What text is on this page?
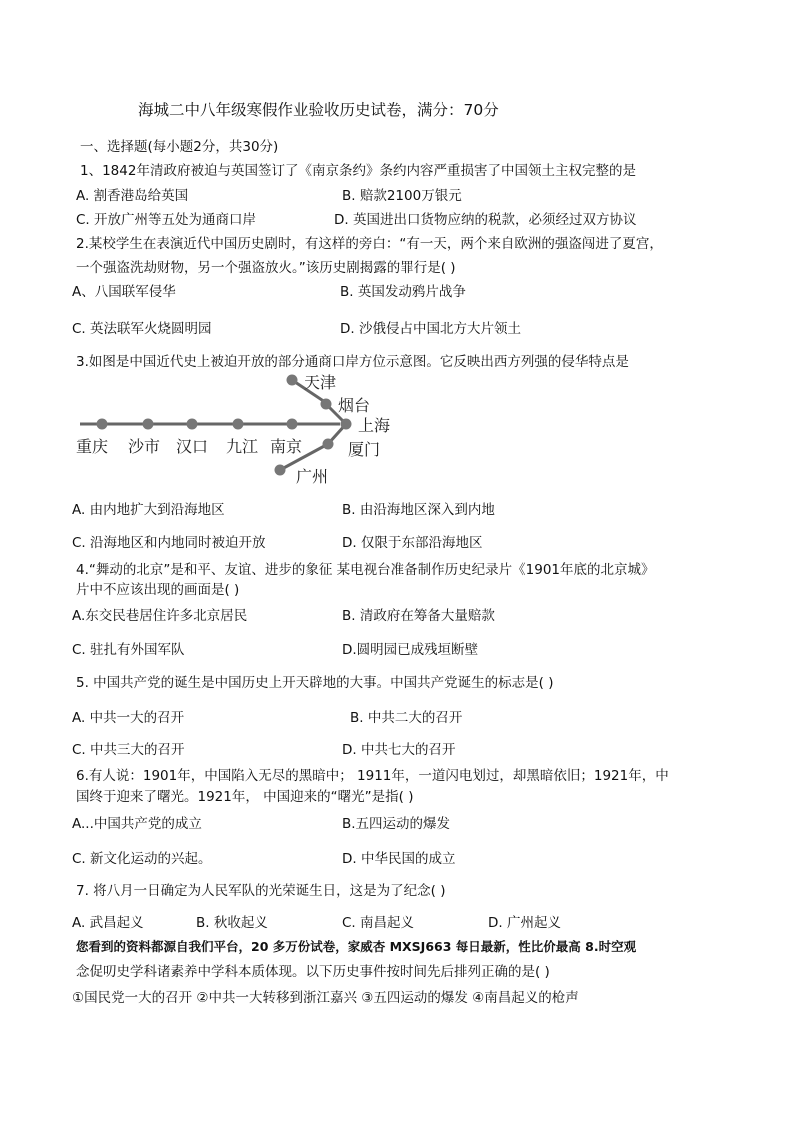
海城二中八年级寒假作业验收历史试卷，满分：70分
一、选择题(每小题2分，共30分)
1、1842年清政府被迫与英国签订了《南京条约》条约内容严重损害了中国领土主权完整的是
A. 割香港岛给英国	B. 赔款2100万银元
C. 开放广州等五处为通商口岸	D. 英国进出口货物应纳的税款，必须经过双方协议
2.某校学生在表演近代中国历史剧时，有这样的旁白：“有一天，两个来自欧洲的强盗闯进了夏宫，
一个强盗洗劫财物，另一个强盗放火。”该历史剧揭露的罪行是( )
A、八国联军侵华	B. 英国发动鸦片战争
C. 英法联军火烧圆明园	D. 沙俄侵占中国北方大片领土
3.如图是中国近代史上被迫开放的部分通商口岸方位示意图。它反映出西方列强的侵华特点是
重庆 沙市 汉口 九江 南京
天津
烟台
上海
厦门
广州
A. 由内地扩大到沿海地区	B. 由沿海地区深入到内地
C. 沿海地区和内地同时被迫开放	D. 仅限于东部沿海地区
4.“舞动的北京”是和平、友谊、进步的象征 某电视台准备制作历史纪录片《1901年底的北京城》
片中不应该出现的画面是( )
A.东交民巷居住许多北京居民	B. 清政府在筹备大量赔款
C. 驻扎有外国军队	D.圆明园已成残垣断壁
5. 中国共产党的诞生是中国历史上开天辟地的大事。中国共产党诞生的标志是( )
A. 中共一大的召开	B. 中共二大的召开
C. 中共三大的召开	D. 中共七大的召开
6.有人说：1901年，中国陷入无尽的黑暗中； 1911年，一道闪电划过，却黑暗依旧；1921年，中
国终于迎来了曙光。1921年， 中国迎来的“曙光”是指( )
A...中国共产党的成立	B.五四运动的爆发
C. 新文化运动的兴起。	D. 中华民国的成立
7. 将八月一日确定为人民军队的光荣诞生日，这是为了纪念( )
A. 武昌起义	B. 秋收起义	C. 南昌起义	D. 广州起义
您看到的资料都源自我们平台，20 多万份试卷，家威杏 MXSJ663 每日最新，性比价最高 8.时空观
念促叨史学科诸素养中学科本质体现。以下历史事件按时间先后排列正确的是( )
①国民党一大的召开 ②中共一大转移到浙江嘉兴 ③五四运动的爆发 ④南昌起义的枪声
